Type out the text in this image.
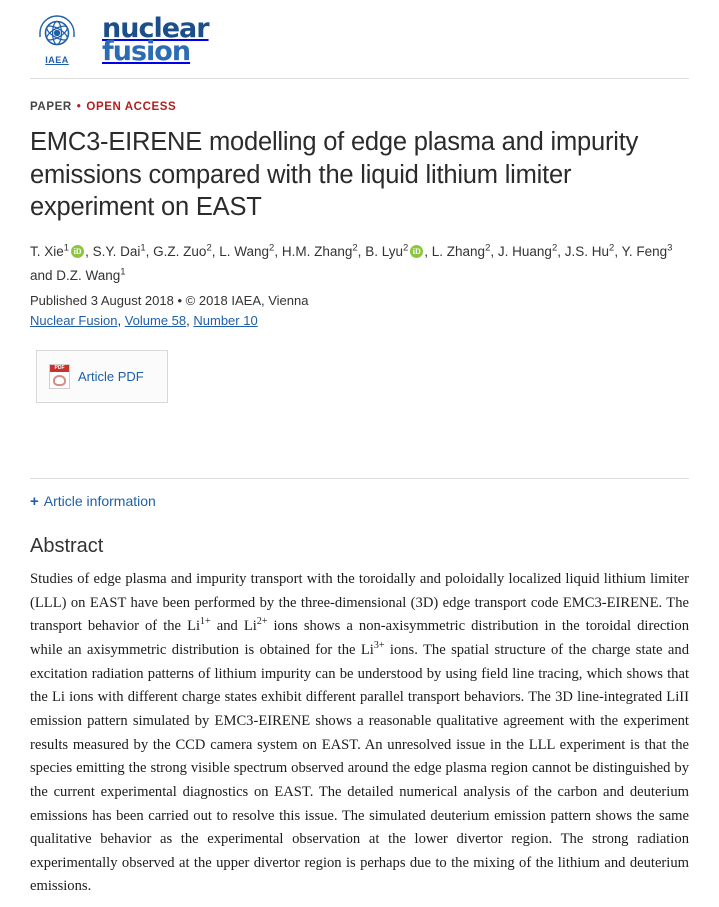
IAEA
nuclear
fusion
PAPER • OPEN ACCESS
EMC3-EIRENE modelling of edge plasma and impurity emissions compared with the liquid lithium limiter experiment on EAST
T. Xie$^1$ iD , S.Y. Dai$^1$, G.Z. Zuo$^2$, L. Wang$^2$, H.M. Zhang$^2$, B. Lyu$^2$ iD , L. Zhang$^2$, J. Huang$^2$, J.S. Hu$^2$, Y. Feng$^3$ and D.Z. Wang$^1$
Published 3 August 2018 • © 2018 IAEA, Vienna
Nuclear Fusion, Volume 58, Number 10
PDF
Article PDF
+ Article information
Abstract
Studies of edge plasma and impurity transport with the toroidally and poloidally localized liquid lithium limiter (LLL) on EAST have been performed by the three-dimensional (3D) edge transport code EMC3-EIRENE. The transport behavior of the $Li^{1+}$ and $Li^{2+}$ ions shows a non-axisymmetric distribution in the toroidal direction while an axisymmetric distribution is obtained for the $Li^{3+}$ ions. The spatial structure of the charge state and excitation radiation patterns of lithium impurity can be understood by using field line tracing, which shows that the Li ions with different charge states exhibit different parallel transport behaviors. The 3D line-integrated LiII emission pattern simulated by EMC3-EIRENE shows a reasonable qualitative agreement with the experiment results measured by the CCD camera system on EAST. An unresolved issue in the LLL experiment is that the species emitting the strong visible spectrum observed around the edge plasma region cannot be distinguished by the current experimental diagnostics on EAST. The detailed numerical analysis of the carbon and deuterium emissions has been carried out to resolve this issue. The simulated deuterium emission pattern shows the same qualitative behavior as the experimental observation at the lower divertor region. The strong radiation experimentally observed at the upper divertor region is perhaps due to the mixing of the lithium and deuterium emissions.
